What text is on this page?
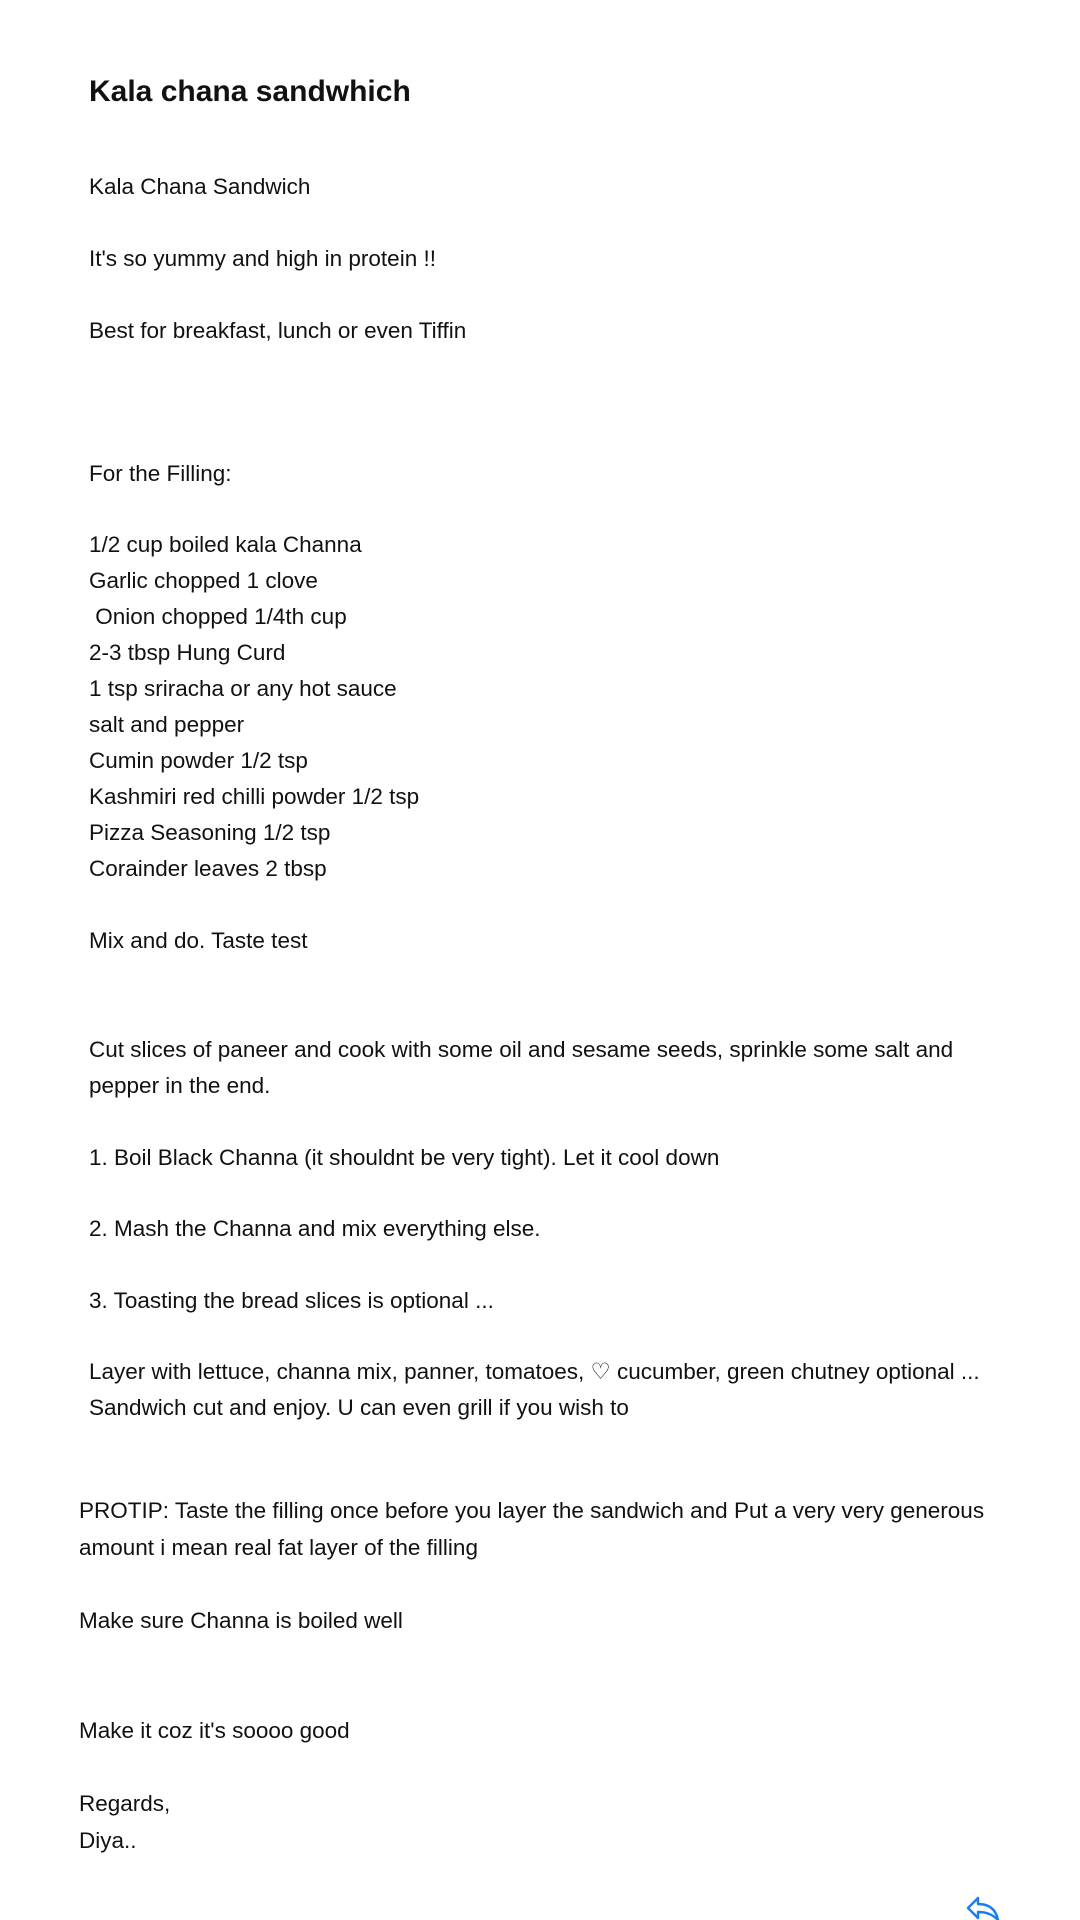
Kala chana sandwhich
Kala Chana Sandwich
It's so yummy and high in protein !!
Best for breakfast, lunch or even Tiffin
For the Filling:
1/2 cup boiled kala Channa
Garlic chopped 1 clove
Onion chopped 1/4th cup
2-3 tbsp Hung Curd
1 tsp sriracha or any hot sauce
salt and pepper
Cumin powder 1/2 tsp
Kashmiri red chilli powder 1/2 tsp
Pizza Seasoning 1/2 tsp
Corainder leaves 2 tbsp
Mix and do. Taste test
Cut slices of paneer and cook with some oil and sesame seeds, sprinkle some salt and pepper in the end.
1. Boil Black Channa (it shouldnt be very tight). Let it cool down
2. Mash the Channa and mix everything else.
3. Toasting the bread slices is optional ...
Layer with lettuce, channa mix, panner, tomatoes, ♡ cucumber, green chutney optional ... Sandwich cut and enjoy. U can even grill if you wish to
PROTIP: Taste the filling once before you layer the sandwich and Put a very very generous amount i mean real fat layer of the filling
Make sure Channa is boiled well
Make it coz it's soooo good
Regards,
Diya..
